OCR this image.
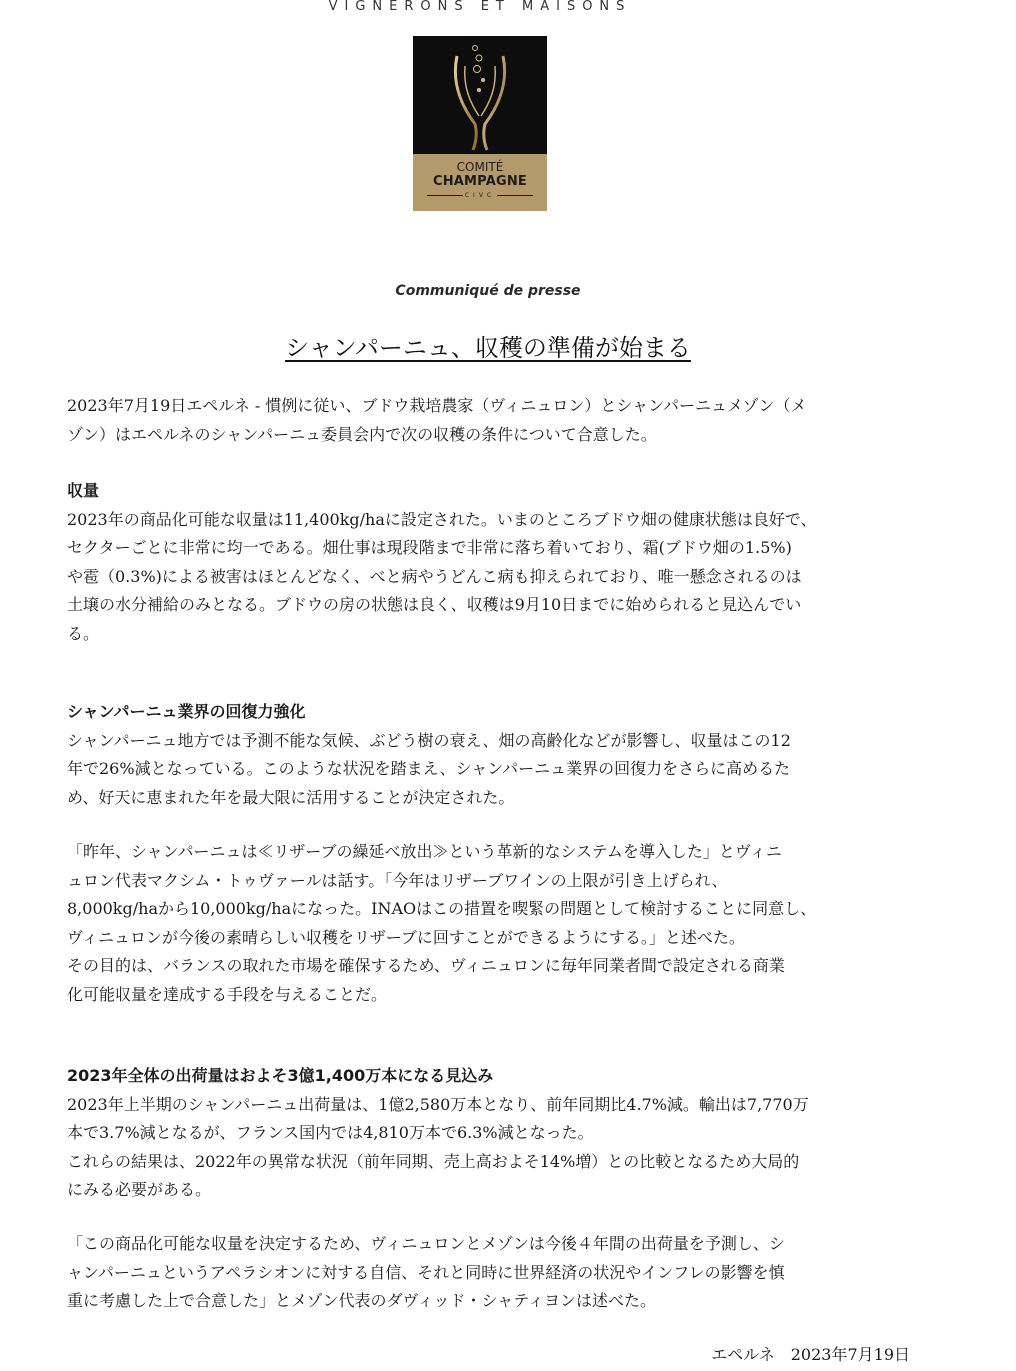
VIGNERONS ET MAISONS
COMITÉ
CHAMPAGNE
CIVC
Communiqué de presse
シャンパーニュ、収穫の準備が始まる
2023年7月19日エペルネ - 慣例に従い、ブドウ栽培農家（ヴィニュロン）とシャンパーニュメゾン（メ
ゾン）はエペルネのシャンパーニュ委員会内で次の収穫の条件について合意した。
収量
2023年の商品化可能な収量は11,400kg/haに設定された。いまのところブドウ畑の健康状態は良好で、
セクターごとに非常に均一である。畑仕事は現段階まで非常に落ち着いており、霜(ブドウ畑の1.5%)
や雹（0.3%)による被害はほとんどなく、べと病やうどんこ病も抑えられており、唯一懸念されるのは
土壌の水分補給のみとなる。ブドウの房の状態は良く、収穫は9月10日までに始められると見込んでい
る。
シャンパーニュ業界の回復力強化
シャンパーニュ地方では予測不能な気候、ぶどう樹の衰え、畑の高齢化などが影響し、収量はこの12
年で26%減となっている。このような状況を踏まえ、シャンパーニュ業界の回復力をさらに高めるた
め、好天に恵まれた年を最大限に活用することが決定された。
「昨年、シャンパーニュは≪リザーブの繰延べ放出≫という革新的なシステムを導入した」とヴィニ
ュロン代表マクシム・トゥヴァールは話す。「今年はリザーブワインの上限が引き上げられ、
8,000kg/haから10,000kg/haになった。INAOはこの措置を喫緊の問題として検討することに同意し、
ヴィニュロンが今後の素晴らしい収穫をリザーブに回すことができるようにする。」と述べた。
その目的は、バランスの取れた市場を確保するため、ヴィニュロンに毎年同業者間で設定される商業
化可能収量を達成する手段を与えることだ。
2023年全体の出荷量はおよそ3億1,400万本になる見込み
2023年上半期のシャンパーニュ出荷量は、1億2,580万本となり、前年同期比4.7%減。輸出は7,770万
本で3.7%減となるが、フランス国内では4,810万本で6.3%減となった。
これらの結果は、2022年の異常な状況（前年同期、売上高およそ14%増）との比較となるため大局的
にみる必要がある。
「この商品化可能な収量を決定するため、ヴィニュロンとメゾンは今後４年間の出荷量を予測し、シ
ャンパーニュというアペラシオンに対する自信、それと同時に世界経済の状況やインフレの影響を慎
重に考慮した上で合意した」とメゾン代表のダヴィッド・シャティヨンは述べた。
エペルネ　2023年7月19日
